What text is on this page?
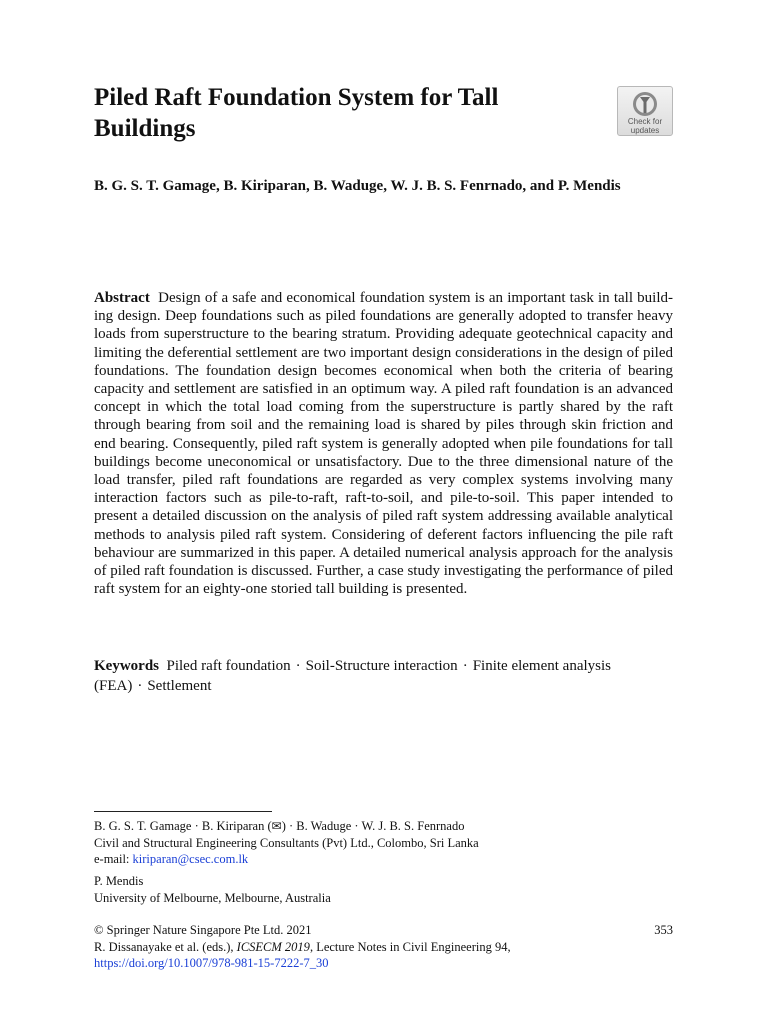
Piled Raft Foundation System for Tall Buildings	Check for
updates

B. G. S. T. Gamage, B. Kiriparan, B. Waduge, W. J. B. S. Fenrnado, and P. Mendis

Abstract Design of a safe and economical foundation system is an important task in tall build-ing design. Deep foundations such as piled foundations are generally adopted to transfer heavy loads from superstructure to the bearing stratum. Providing adequate geotechnical capacity and limiting the deferential settlement are two important design considerations in the design of piled foundations. The foundation design becomes economical when both the criteria of bearing capacity and settlement are satisfied in an optimum way. A piled raft foundation is an advanced concept in which the total load coming from the superstructure is partly shared by the raft through bearing from soil and the remaining load is shared by piles through skin friction and end bearing. Consequently, piled raft system is generally adopted when pile foundations for tall buildings become uneconomical or unsatisfactory. Due to the three dimensional nature of the load transfer, piled raft foundations are regarded as very complex systems involving many interaction factors such as pile-to-raft, raft-to-soil, and pile-to-soil. This paper intended to present a detailed discussion on the analysis of piled raft system addressing available analytical methods to analysis piled raft system. Considering of deferent factors influencing the pile raft behaviour are summarized in this paper. A detailed numerical analysis approach for the analysis of piled raft foundation is discussed. Further, a case study investigating the performance of piled raft system for an eighty-one storied tall building is presented.

Keywords Piled raft foundation · Soil-Structure interaction · Finite element analysis (FEA) · Settlement

B. G. S. T. Gamage · B. Kiriparan (✉) · B. Waduge · W. J. B. S. Fenrnado
Civil and Structural Engineering Consultants (Pvt) Ltd., Colombo, Sri Lanka
e-mail: kiriparan@csec.com.lk

P. Mendis
University of Melbourne, Melbourne, Australia

© Springer Nature Singapore Pte Ltd. 2021	353

R. Dissanayake et al. (eds.), ICSECM 2019, Lecture Notes in Civil Engineering 94,
https://doi.org/10.1007/978-981-15-7222-7_30
